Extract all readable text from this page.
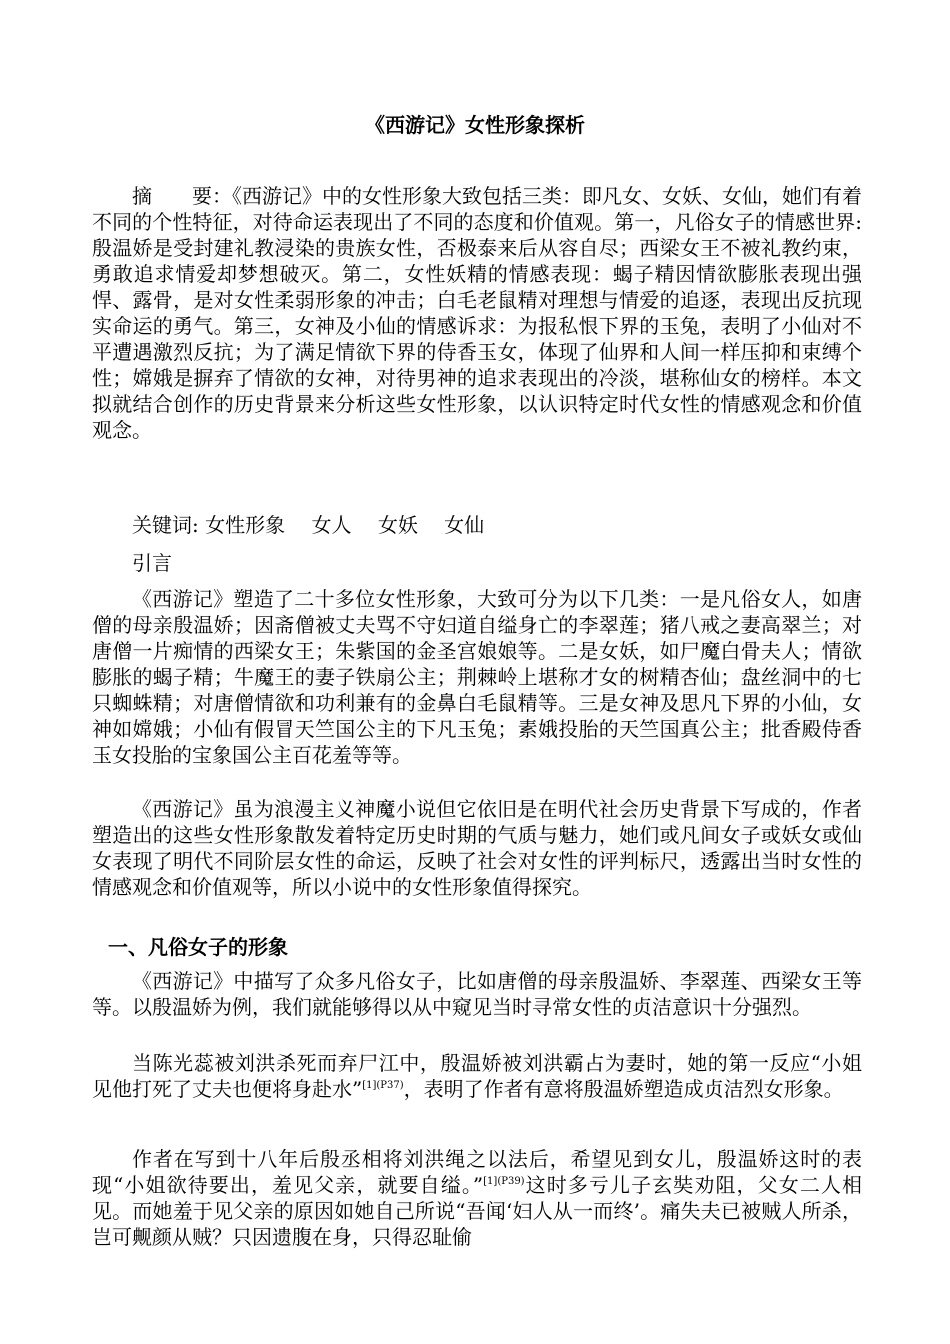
《西游记》女性形象探析
摘　　要：《西游记》中的女性形象大致包括三类：即凡女、女妖、女仙，她们有着不同的个性特征，对待命运表现出了不同的态度和价值观。第一，凡俗女子的情感世界:殷温娇是受封建礼教浸染的贵族女性，否极泰来后从容自尽；西梁女王不被礼教约束，勇敢追求情爱却梦想破灭。第二，女性妖精的情感表现：蝎子精因情欲膨胀表现出强悍、露骨，是对女性柔弱形象的冲击；白毛老鼠精对理想与情爱的追逐，表现出反抗现实命运的勇气。第三，女神及小仙的情感诉求：为报私恨下界的玉兔，表明了小仙对不平遭遇激烈反抗；为了满足情欲下界的侍香玉女，体现了仙界和人间一样压抑和束缚个性；嫦娥是摒弃了情欲的女神，对待男神的追求表现出的冷淡，堪称仙女的榜样。本文拟就结合创作的历史背景来分析这些女性形象，以认识特定时代女性的情感观念和价值观念。
关键词: 女性形象　 女人　 女妖　 女仙
引言
《西游记》塑造了二十多位女性形象，大致可分为以下几类：一是凡俗女人，如唐僧的母亲殷温娇；因斋僧被丈夫骂不守妇道自缢身亡的李翠莲；猪八戒之妻高翠兰；对唐僧一片痴情的西梁女王；朱紫国的金圣宫娘娘等。二是女妖，如尸魔白骨夫人；情欲膨胀的蝎子精；牛魔王的妻子铁扇公主；荆棘岭上堪称才女的树精杏仙；盘丝洞中的七只蜘蛛精；对唐僧情欲和功利兼有的金鼻白毛鼠精等。三是女神及思凡下界的小仙，女神如嫦娥；小仙有假冒天竺国公主的下凡玉兔；素娥投胎的天竺国真公主；批香殿侍香玉女投胎的宝象国公主百花羞等等。
《西游记》虽为浪漫主义神魔小说但它依旧是在明代社会历史背景下写成的，作者塑造出的这些女性形象散发着特定历史时期的气质与魅力，她们或凡间女子或妖女或仙女表现了明代不同阶层女性的命运，反映了社会对女性的评判标尺，透露出当时女性的情感观念和价值观等，所以小说中的女性形象值得探究。
一、凡俗女子的形象
《西游记》中描写了众多凡俗女子，比如唐僧的母亲殷温娇、李翠莲、西梁女王等等。以殷温娇为例，我们就能够得以从中窥见当时寻常女性的贞洁意识十分强烈。
当陈光蕊被刘洪杀死而弃尸江中，殷温娇被刘洪霸占为妻时，她的第一反应“小姐见他打死了丈夫也便将身赴水”$^{[1](P37)}$，表明了作者有意将殷温娇塑造成贞洁烈女形象。
作者在写到十八年后殷丞相将刘洪绳之以法后，希望见到女儿，殷温娇这时的表现“小姐欲待要出，羞见父亲，就要自缢。”$^{[1](P39)}$这时多亏儿子玄奘劝阻，父女二人相见。而她羞于见父亲的原因如她自己所说“吾闻‘妇人从一而终’。痛失夫已被贼人所杀，岂可觍颜从贼？只因遗腹在身，只得忍耻偷
